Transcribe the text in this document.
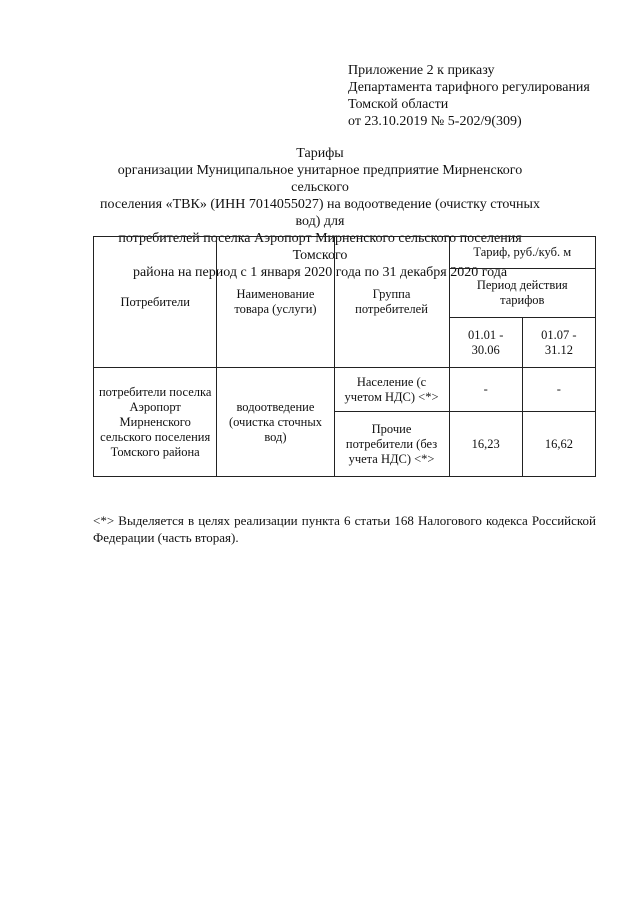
Приложение 2 к приказу
Департамента тарифного регулирования
Томской области
от 23.10.2019 № 5-202/9(309)
Тарифы
организации Муниципальное унитарное предприятие Мирненского сельского
поселения «ТВК» (ИНН 7014055027) на водоотведение (очистку сточных вод) для
потребителей поселка Аэропорт Мирненского сельского поселения Томского
района на период с 1 января 2020 года по 31 декабря 2020 года
Потребители	Наименование товара (услуги)	Группа потребителей	Тариф, руб./куб. м	
			Период действия тарифов	
			01.01 - 30.06	01.07 - 31.12
потребители поселка Аэропорт Мирненского сельского поселения Томского района	водоотведение (очистка сточных вод)	Население (с учетом НДС) <*>	-	-
		Прочие потребители (без учета НДС) <*>	16,23	16,62
<*> Выделяется в целях реализации пункта 6 статьи 168 Налогового кодекса Российской Федерации (часть вторая).
